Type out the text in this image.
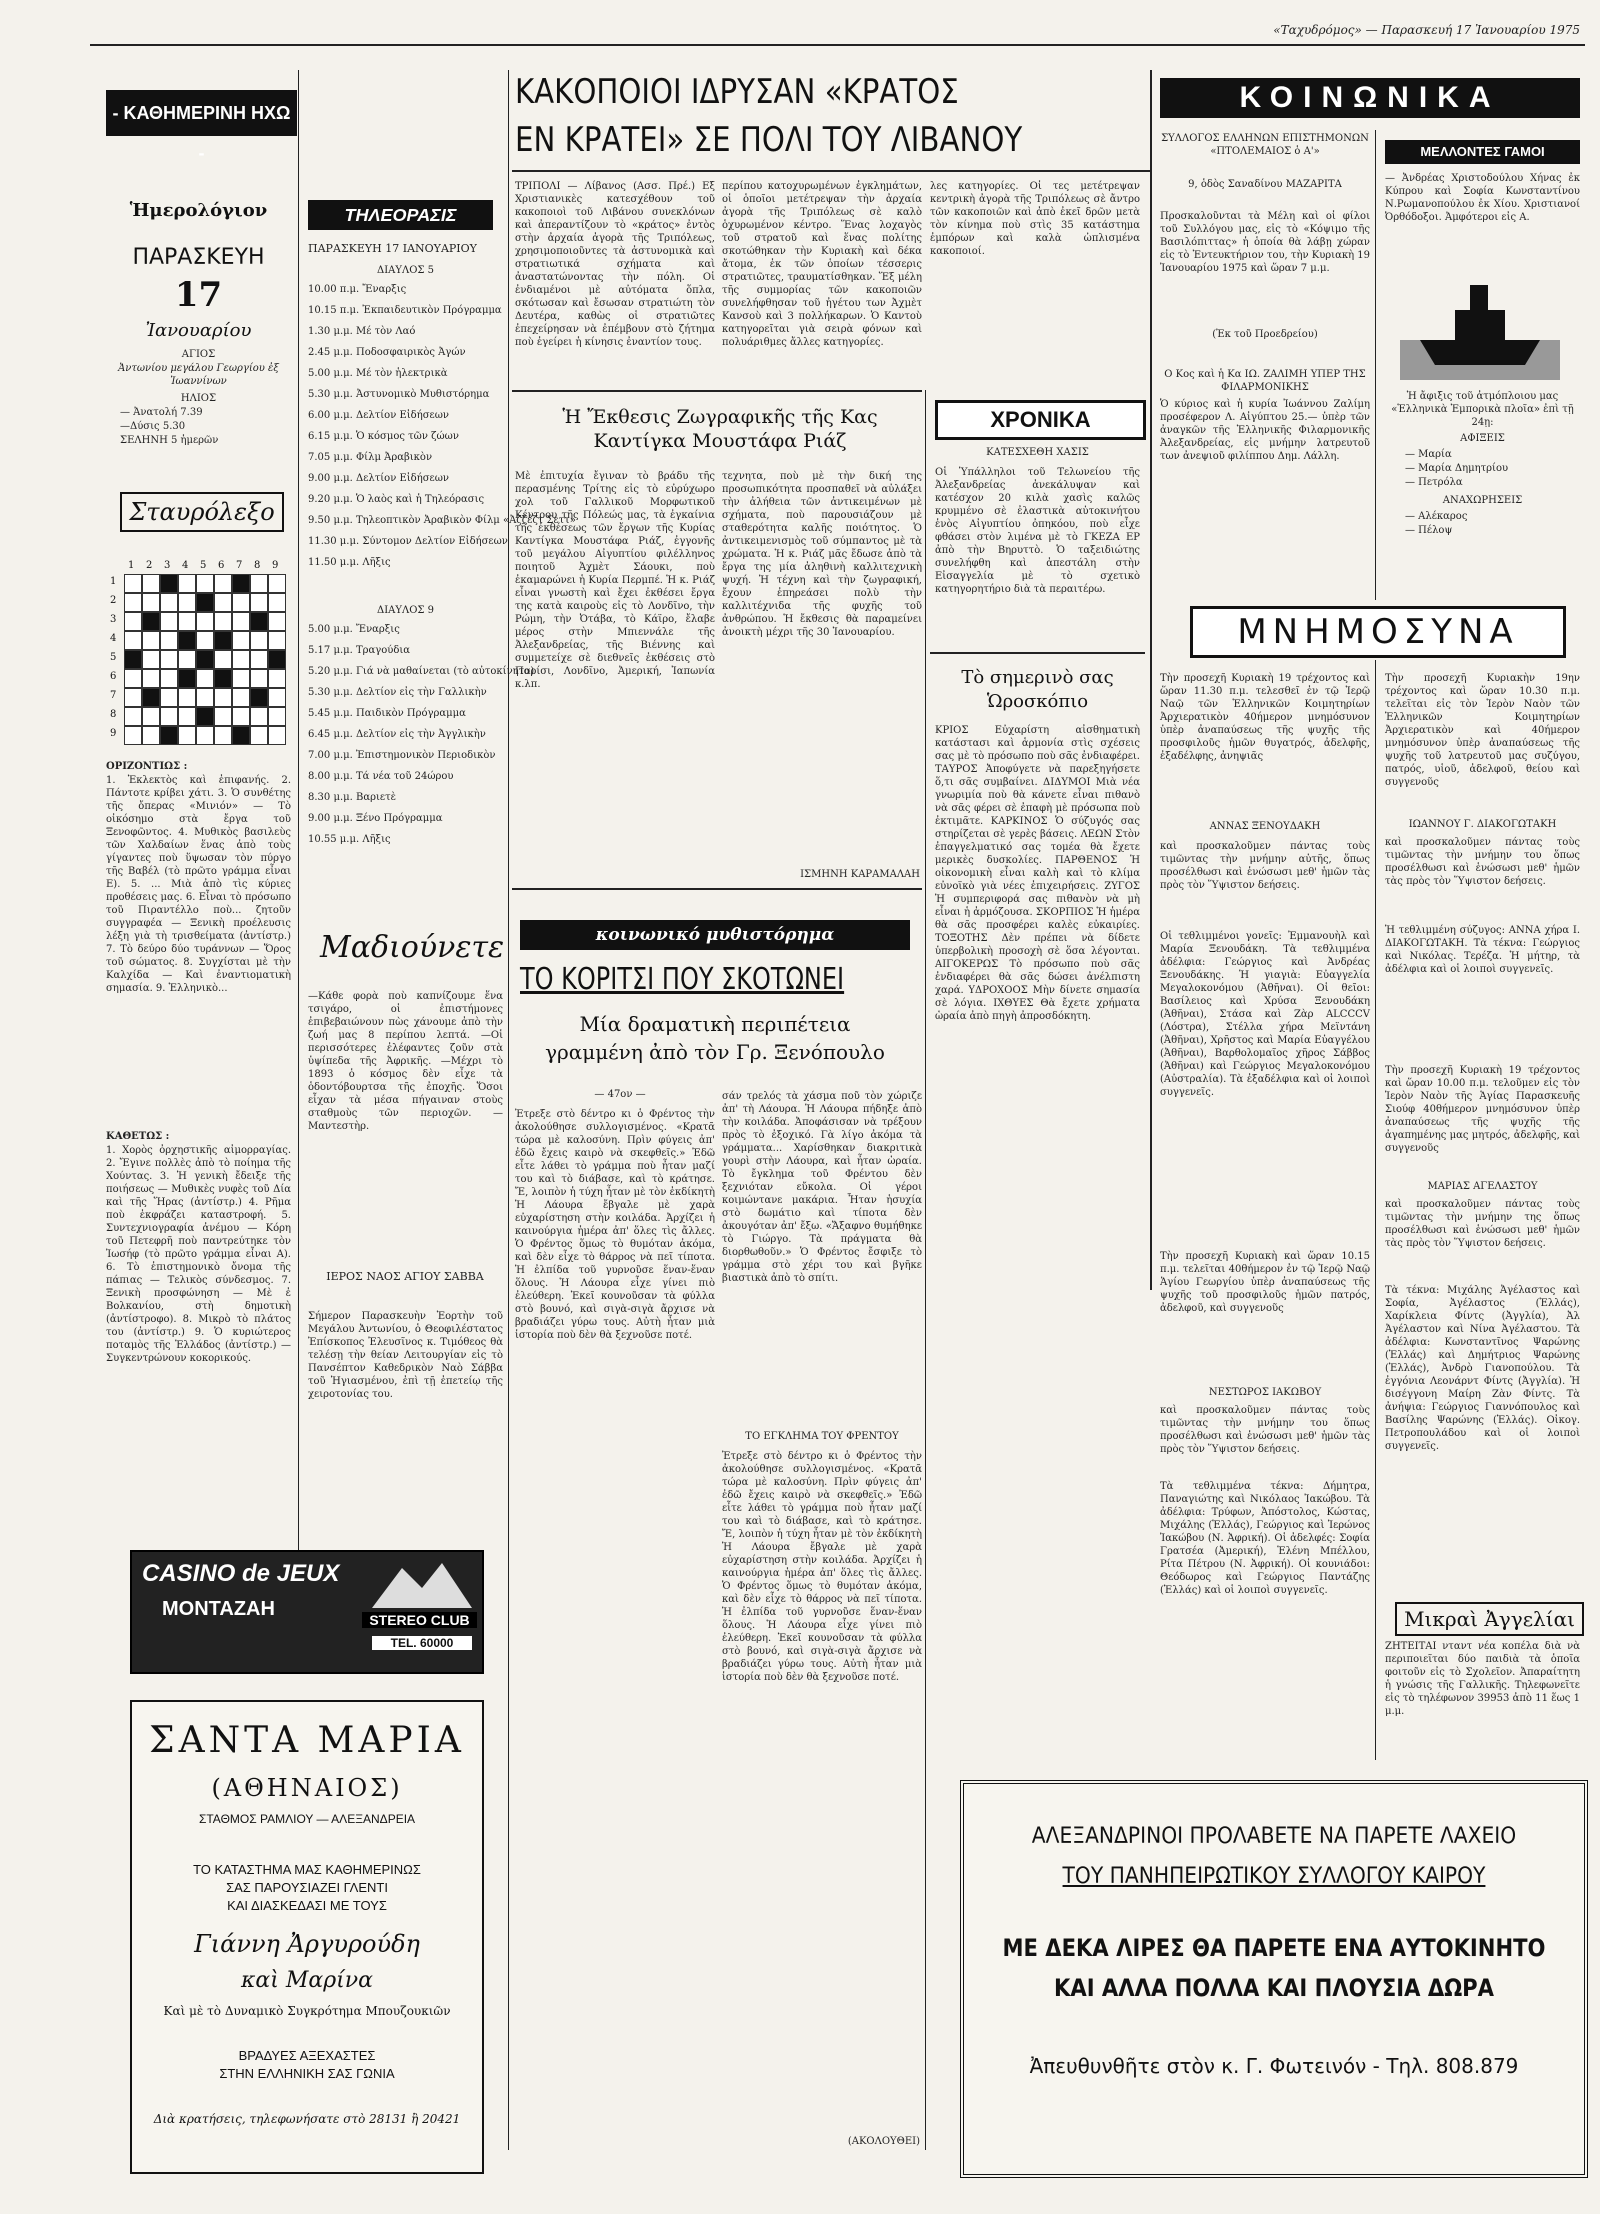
«Ταχυδρόμος» — Παρασκευή 17 Ἰανουαρίου 1975
- ΚΑΘΗΜΕΡΙΝΗ ΗΧΩ -
Ἡμερολόγιον
ΠΑΡΑΣΚΕΥΗ
17
Ἰανουαρίου
ΑΓΙΟΣ
Ἀντωνίου μεγάλου Γεωργίου ἐξ Ἰωαννίνων
ΗΛΙΟΣ
— Ἀνατολή 7.39
—Δύσις 5.30
ΣΕΛΗΝΗ 5 ἡμερῶν
Σταυρόλεξο
1
1
2
2
3
3
4
4
5
5
6
6
7
7
8
8
9
9
ΟΡΙΖΟΝΤΙΩΣ :
1. Ἐκλεκτὸς καὶ ἐπιφανής. 2. Πάντοτε κρίβει χάτι. 3. Ὁ συνθέτης τῆς ὄπερας «Μινιόν» — Τὸ οἰκόσημο στὰ ἔργα τοῦ Ξενοφῶντος. 4. Μυθικὸς βασιλεὺς τῶν Χαλδαίων ἕνας ἀπὸ τοὺς γίγαντες ποὺ ὕψωσαν τὸν πύργο τῆς Βαβέλ (τὸ πρῶτο γράμμα εἶναι Ε). 5. ... Μιὰ ἀπὸ τὶς κύριες προθέσεις μας. 6. Εἶναι τὸ πρόσωπο τοῦ Πιραντέλλο ποὺ... ζητοῦν συγγραφέα — Ξενικὴ προέλευσις λέξη γιὰ τὴ τρισθείματα (ἀντίστρ.) 7. Τὸ δεύρο δύο τυράννων — Ὅρος τοῦ σώματος. 8. Συγχίσται μὲ τὴν Καλχίδα — Καὶ ἐναντιοματικὴ σημασία. 9. Ἑλληνικὸ...
ΚΑΘΕΤΩΣ :
1. Χορὸς ὀρχηστικῆς αἰμορραγίας. 2. Ἔγινε πολλὲς ἀπὸ τὸ ποίημα τῆς Χούντας. 3. Ἡ γενικὴ ἔδειξε τῆς ποιήσεως — Μυθικὲς νυφὲς τοῦ Δία καὶ τῆς Ἥρας (ἀντίστρ.) 4. Ρῆμα ποὺ ἐκφράζει καταστροφή. 5. Συντεχνιογραφία ἀνέμου — Κόρη τοῦ Πετεφρῆ ποὺ παντρεύτηκε τὸν Ἰωσήφ (τὸ πρῶτο γράμμα εἶναι Α). 6. Τὸ ἐπιστημονικὸ ὄνομα τῆς πάπιας — Τελικὸς σύνδεσμος. 7. Ξενικὴ προσφώνηση — Μὲ ἐ Βολκανίου, στὴ δημοτικὴ (ἀντίστροφο). 8. Μικρὸ τὸ πλάτος του (ἀντίστρ.) 9. Ὁ κυριώτερος ποταμὸς τῆς Ἑλλάδος (ἀντίστρ.) — Συγκεντρώνουν κοκορικούς.
CASINO de JEUX
ΜΟΝΤΑΖΑΗ	STEREO CLUB
TEL. 60000
ΣΑΝΤΑ ΜΑΡΙΑ
(ΑΘΗΝΑΙΟΣ)
ΣΤΑΘΜΟΣ ΡΑΜΛΙΟΥ — ΑΛΕΞΑΝΔΡΕΙΑ
ΤΟ ΚΑΤΑΣΤΗΜΑ ΜΑΣ ΚΑΘΗΜΕΡΙΝΩΣ
ΣΑΣ ΠΑΡΟΥΣΙΑΖΕΙ ΓΛΕΝΤΙ
ΚΑΙ ΔΙΑΣΚΕΔΑΣΙ ΜΕ ΤΟΥΣ
Γιάννη Ἀργυρούδη
καὶ Μαρίνα
Καὶ μὲ τὸ Δυναμικὸ Συγκρότημα Μπουζουκιῶν
ΒΡΑΔΥΕΣ ΑΞΕΧΑΣΤΕΣ
ΣΤΗΝ ΕΛΛΗΝΙΚΗ ΣΑΣ ΓΩΝΙΑ
Διὰ κρατήσεις, τηλεφωνήσατε στὸ 28131 ἢ 20421
ΤΗΛΕΟΡΑΣΙΣ
ΠΑΡΑΣΚΕΥΗ 17 ΙΑΝΟΥΑΡΙΟΥ
ΔΙΑΥΛΟΣ 5
10.00 π.μ. Ἔναρξις
10.15 π.μ. Ἐκπαιδευτικὸν Πρόγραμμα
1.30 μ.μ. Μέ τὸν Λαό
2.45 μ.μ. Ποδοσφαιρικὸς Ἀγών
5.00 μ.μ. Μέ τὸν ἡλεκτρικὰ
5.30 μ.μ. Ἀστυνομικὸ Μυθιστόρημα
6.00 μ.μ. Δελτίον Εἰδήσεων
6.15 μ.μ. Ὁ κόσμος τῶν ζώων
7.05 μ.μ. Φίλμ Ἀραβικὸν
9.00 μ.μ. Δελτίον Εἰδήσεων
9.20 μ.μ. Ὁ λαὸς καὶ ἡ Τηλεόρασις
9.50 μ.μ. Τηλεοπτικὸν Ἀραβικὸν Φίλμ «Ἀζζέζτ Σεττ»
11.30 μ.μ. Σύντομον Δελτίον Εἰδήσεων
11.50 μ.μ. Λῆξις
ΔΙΑΥΛΟΣ 9
5.00 μ.μ. Ἔναρξις
5.17 μ.μ. Τραγούδια
5.20 μ.μ. Γιά νὰ μαθαίνεται (τὸ αὐτοκίνητο)
5.30 μ.μ. Δελτίον εἰς τὴν Γαλλικὴν
5.45 μ.μ. Παιδικὸν Πρόγραμμα
6.45 μ.μ. Δελτίον εἰς τὴν Ἀγγλικὴν
7.00 μ.μ. Ἐπιστημονικὸν Περιοδικὸν
8.00 μ.μ. Τά νέα τοῦ 24ώρου
8.30 μ.μ. Βαριετὲ
9.00 μ.μ. Ξένο Πρόγραμμα
10.55 μ.μ. Λῆξις
Μαδιούνετε
—Κάθε φορὰ ποὺ καπνίζουμε ἕνα τσιγάρο, οἱ ἐπιστήμονες ἐπιβεβαιώνουν πὼς χάνουμε ἀπὸ τὴν ζωή μας 8 περίπου λεπτά. —Οἱ περισσότερες ἐλέφαντες ζοῦν στὰ ὑψίπεδα τῆς Ἀφρικῆς. —Μέχρι τὸ 1893 ὁ κόσμος δὲν εἶχε τὰ ὁδοντόβουρτσα τῆς ἐποχῆς. Ὅσοι εἶχαν τὰ μέσα πήγαιναν στοὺς σταθμοὺς τῶν περιοχῶν. —Μαντεστὴρ.
ΙΕΡΟΣ ΝΑΟΣ ΑΓΙΟΥ ΣΑΒΒΑ
Σήμερον Παρασκευὴν Ἑορτὴν τοῦ Μεγάλου Ἀντωνίου, ὁ Θεοφιλέστατος Ἐπίσκοπος Ἐλευσῖνος κ. Τιμόθεος θὰ τελέσῃ τὴν θείαν Λειτουργίαν εἰς τὸ Πανσέπτον Καθεδρικὸν Ναὸ Σάββα τοῦ Ἡγιασμένου, ἐπὶ τῇ ἐπετείῳ τῆς χειροτονίας του.
ΚΑΚΟΠΟΙΟΙ ΙΔΡΥΣΑΝ «ΚΡΑΤΟΣ
ΕΝ ΚΡΑΤΕΙ» ΣΕ ΠΟΛΙ ΤΟΥ ΛΙΒΑΝΟΥ
ΤΡΙΠΟΛΙ — Λίβανος (Ασσ. Πρέ.) Εξ Χριστιανικὲς κατεσχέθουν τοῦ κακοποιοὶ τοῦ Λιβάνου συνεκλόνων καὶ ἀπεραντίζουν τὸ «κράτος» ἐντὸς στὴν ἀρχαία ἀγορὰ τῆς Τριπόλεως, χρησιμοποιοῦντες τὰ ἀστυνομικὰ καὶ στρατιωτικά σχήματα καὶ ἀναστατώνοντας τὴν πόλη. Οἱ ἐνδιαμένοι μὲ αὐτόματα ὅπλα, σκότωσαν καὶ ἔσωσαν στρατιώτη τὸν Δευτέρα, καθὼς οἱ στρατιῶτες ἐπεχείρησαν νὰ ἐπέμβουν στὸ ζήτημα ποὺ ἐγείρει ἡ κίνησις ἐναντίον τους.
περίπου κατοχυρωμένων ἐγκλημάτων, οἱ ὁποῖοι μετέτρεψαν τὴν ἀρχαία ἀγορὰ τῆς Τριπόλεως σὲ καλὸ ὁχυρωμένον κέντρο. Ἕνας λοχαγὸς τοῦ στρατοῦ καὶ ἕνας πολίτης σκοτώθηκαν τὴν Κυριακὴ καὶ δέκα ἄτομα, ἐκ τῶν ὁποίων τέσσερις στρατιῶτες, τραυματίσθηκαν. Ἕξ μέλη τῆς συμμορίας τῶν κακοποιῶν συνελήφθησαν τοῦ ἠγέτου των Ἀχμὲτ Κανσοὺ καὶ 3 πολλήκαρων. Ὁ Καντοὺ κατηγορεῖται γιὰ σειρὰ φόνων καὶ πολυάριθμες ἄλλες κατηγορίες.
λες κατηγορίες. Οἱ τες μετέτρεψαν κεντρικὴ ἀγορὰ τῆς Τριπόλεως σὲ ἄντρο τῶν κακοποιῶν καὶ ἀπὸ ἐκεῖ δρῶν μετὰ τὸν κίνημα ποὺ στὶς 35 κατάστημα ἐμπόρων καὶ καλὰ ὠπλισμένα κακοποιοί.
Ἡ Ἔκθεσις Ζωγραφικῆς τῆς Κας Καντίγκα Μουστάφα Ριάζ
Μὲ ἐπιτυχία ἔγιναν τὸ βράδυ τῆς περασμένης Τρίτης εἰς τὸ εὐρύχωρο χολ τοῦ Γαλλικοῦ Μορφωτικοῦ Κέντρου τῆς Πόλεώς μας, τὰ ἐγκαίνια τῆς ἐκθέσεως τῶν ἔργων τῆς Κυρίας Καντίγκα Μουστάφα Ριάζ, ἐγγονῆς τοῦ μεγάλου Αἰγυπτίου φιλέλληνος ποιητοῦ Ἀχμὲτ Σάουκι, ποὺ ἐκαμαρώνει ἡ Κυρία Περμπέ. Ἡ κ. Ριάζ εἶναι γνωστὴ καὶ ἔχει ἐκθέσει ἔργα της κατὰ καιροὺς εἰς τὸ Λονδῖνο, τὴν Ρώμη, τὴν Ὀτάβα, τὸ Κάϊρο, ἔλαβε μέρος στὴν Μπιεννάλε τῆς Ἀλεξανδρείας, τῆς Βιέννης καὶ συμμετείχε σὲ διεθνεῖς ἐκθέσεις στὸ Παρίσι, Λονδῖνο, Ἀμερική, Ἰαπωνία κ.λπ.
τεχνητα, ποὺ μὲ τὴν δική της προσωπικότητα προσπαθεῖ νὰ αὐλάξει τὴν ἀλήθεια τῶν ἀντικειμένων μὲ σχήματα, ποὺ παρουσιάζουν μὲ σταθερότητα καλῆς ποιότητος. Ὁ ἀντικειμενισμὸς τοῦ σύμπαντος μὲ τὰ χρώματα. Ἡ κ. Ριάζ μᾶς ἔδωσε ἀπὸ τὰ ἔργα της μία ἀληθινὴ καλλιτεχνικὴ ψυχή. Ἡ τέχνη καὶ τὴν ζωγραφική, ἔχουν ἐπηρεάσει πολὺ τὴν καλλιτέχνιδα τῆς φυχῆς τοῦ ἀνθρώπου. Ἡ ἔκθεσις θὰ παραμείνει ἀνοικτὴ μέχρι τῆς 30 Ἰανουαρίου.
ΙΣΜΗΝΗ ΚΑΡΑΜΑΛΑΗ
κοινωνικό μυθιστόρημα
ΤΟ ΚΟΡΙΤΣΙ ΠΟΥ ΣΚΟΤΩΝΕΙ
Μία δραματικὴ περιπέτεια
γραμμένη ἀπὸ τὸν Γρ. Ξενόπουλο
— 47ον —
Ἐτρεξε στὸ δέντρο κι ὁ Φρέντος τὴν ἀκολούθησε συλλογισμένος. «Κρατᾶ τώρα μὲ καλοσύνη. Πρὶν φύγεις ἀπ' ἐδῶ ἔχεις καιρὸ νὰ σκεφθεῖς.» Ἐδῶ εἶτε λάθει τὸ γράμμα ποὺ ἦταν μαζί του καὶ τὸ διάβασε, καὶ τὸ κράτησε. Ἔ, λοιπὸν ἡ τύχη ἦταν μὲ τὸν ἐκδίκητὴ Ἡ Λάουρα ἔβγαλε μὲ χαρὰ εὐχαρίστηση στὴν κοιλάδα. Ἀρχίζει ἡ καινούργια ἡμέρα ἀπ' ὅλες τὶς ἄλλες. Ὁ Φρέντος ὅμως τὸ θυμόταν ἀκόμα, καὶ δὲν εἶχε τὸ θάρρος νὰ πεῖ τίποτα. Ἡ ἐλπίδα τοῦ γυρνοῦσε ἕναν-ἕναν ὅλους. Ἡ Λάουρα εἶχε γίνει πιὸ ἐλεύθερη. Ἐκεῖ κουνοῦσαν τὰ φύλλα στὸ βουνό, καὶ σιγὰ-σιγὰ ἄρχισε νὰ βραδιάζει γύρω τους. Αὐτὴ ἦταν μιὰ ἱστορία ποὺ δὲν θὰ ξεχνοῦσε ποτέ.
σάν τρελός τὰ χάσμα ποῦ τὸν χώριζε ἀπ' τὴ Λάουρα. Ἡ Λάουρα πήδηξε ἀπὸ τὴν κοιλάδα. Ἀποφάσισαν νὰ τρέξουν πρὸς τὸ ἐξοχικό. Γὰ λίγο ἀκόμα τὰ γράμματα... Χαρίσθηκαν διακριτικὰ γουρὶ στὴν Λάουρα, καὶ ἦταν ὡραία. Τὸ ἔγκλημα τοῦ Φρέντου δὲν ξεχνιόταν εὔκολα. Οἱ γέροι κοιμώντανε μακάρια. Ἦταν ἡσυχία στὸ δωμάτιο καὶ τίποτα δὲν ἀκουγόταν ἀπ' ἔξω. «Ἄξαφνο θυμήθηκε τὸ Γιώργο. Τὰ πράγματα θὰ διορθωθοῦν.» Ὁ Φρέντος ἔσφιξε τὸ γράμμα στὸ χέρι του καὶ βγῆκε βιαστικὰ ἀπὸ τὸ σπίτι.
ΤΟ ΕΓΚΛΗΜΑ ΤΟΥ ΦΡΕΝΤΟΥ
Ἐτρεξε στὸ δέντρο κι ὁ Φρέντος τὴν ἀκολούθησε συλλογισμένος. «Κρατᾶ τώρα μὲ καλοσύνη. Πρὶν φύγεις ἀπ' ἐδῶ ἔχεις καιρὸ νὰ σκεφθεῖς.» Ἐδῶ εἶτε λάθει τὸ γράμμα ποὺ ἦταν μαζί του καὶ τὸ διάβασε, καὶ τὸ κράτησε. Ἔ, λοιπὸν ἡ τύχη ἦταν μὲ τὸν ἐκδίκητὴ Ἡ Λάουρα ἔβγαλε μὲ χαρὰ εὐχαρίστηση στὴν κοιλάδα. Ἀρχίζει ἡ καινούργια ἡμέρα ἀπ' ὅλες τὶς ἄλλες. Ὁ Φρέντος ὅμως τὸ θυμόταν ἀκόμα, καὶ δὲν εἶχε τὸ θάρρος νὰ πεῖ τίποτα. Ἡ ἐλπίδα τοῦ γυρνοῦσε ἕναν-ἕναν ὅλους. Ἡ Λάουρα εἶχε γίνει πιὸ ἐλεύθερη. Ἐκεῖ κουνοῦσαν τὰ φύλλα στὸ βουνό, καὶ σιγὰ-σιγὰ ἄρχισε νὰ βραδιάζει γύρω τους. Αὐτὴ ἦταν μιὰ ἱστορία ποὺ δὲν θὰ ξεχνοῦσε ποτέ.
(ΑΚΟΛΟΥΘΕΙ)
ΧΡΟΝΙΚΑ
ΚΑΤΕΣΧΕΘΗ ΧΑΣΙΣ
Οἱ Ὑπάλληλοι τοῦ Τελωνείου τῆς Ἀλεξανδρείας ἀνεκάλυψαν καὶ κατέσχον 20 κιλὰ χασὶς καλῶς κρυμμένο σὲ ἐλαστικὰ αὐτοκινήτου ἑνὸς Αἰγυπτίου ὀπηκόου, ποὺ εἶχε φθάσει στὸν λιμένα μὲ τὸ ΓΚΕΖΑ ΕΡ ἀπὸ τὴν Βηρυττὸ. Ὁ ταξειδιώτης συνελήφθη καὶ ἀπεστάλη στὴν Εἰσαγγελία μὲ τὸ σχετικὸ κατηγορητήριο διὰ τὰ περαιτέρω.
Τὸ σημερινὸ σας Ὡροσκόπιο
ΚΡΙΟΣ Εὐχαρίστη αἰσθηματικὴ κατάστασι καὶ ἁρμονία στὶς σχέσεις σας μὲ τὸ πρόσωπο ποὺ σᾶς ἐνδιαφέρει. ΤΑΥΡΟΣ Ἀποφύγετε νὰ παρεξηγήσετε ὅ,τι σᾶς συμβαίνει. ΔΙΔΥΜΟΙ Μιὰ νέα γνωριμία ποὺ θὰ κάνετε εἶναι πιθανὸ νὰ σᾶς φέρει σὲ ἐπαφὴ μὲ πρόσωπα ποὺ ἐκτιμᾶτε. ΚΑΡΚΙΝΟΣ Ὁ σύζυγός σας στηρίζεται σὲ γερὲς βάσεις. ΛΕΩΝ Στὸν ἐπαγγελματικό σας τομέα θὰ ἔχετε μερικὲς δυσκολίες. ΠΑΡΘΕΝΟΣ Ἡ οἰκονομικὴ εἶναι καλὴ καὶ τὸ κλίμα εὐνοϊκὸ γιὰ νέες ἐπιχειρήσεις. ΖΥΓΟΣ Ἡ συμπεριφορά σας πιθανὸν νὰ μὴ εἶναι ἡ ἀρμόζουσα. ΣΚΟΡΠΙΟΣ Ἡ ἡμέρα θὰ σᾶς προσφέρει καλὲς εὐκαιρίες. ΤΟΞΟΤΗΣ Δὲν πρέπει νὰ δίδετε ὑπερβολικὴ προσοχὴ σὲ ὅσα λέγονται. ΑΙΓΟΚΕΡΩΣ Τὸ πρόσωπο ποὺ σᾶς ἐνδιαφέρει θὰ σᾶς δώσει ἀνέλπιστη χαρά. ΥΔΡΟΧΟΟΣ Μὴν δίνετε σημασία σὲ λόγια. ΙΧΘΥΕΣ Θὰ ἔχετε χρήματα ὡραία ἀπὸ πηγὴ ἀπροσδόκητη.
ΚΟΙΝΩΝΙΚΑ
ΣΥΛΛΟΓΟΣ ΕΛΛΗΝΩΝ ΕΠΙΣΤΗΜΟΝΩΝ «ΠΤΟΛΕΜΑΙΟΣ ὁ Α'»
9, ὁδὸς Σαναδίνου ΜΑΖΑΡΙΤΑ
Προσκαλοῦνται τὰ Μέλη καὶ οἱ φίλοι τοῦ Συλλόγου μας, εἰς τὸ «Κόψιμο τῆς Βασιλόπιττας» ἡ ὁποία θὰ λάβῃ χώραν εἰς τὸ Ἐντευκτήριον του, τὴν Κυριακὴ 19 Ἰανουαρίου 1975 καὶ ὥραν 7 μ.μ.
(Ἐκ τοῦ Προεδρείου)
Ο Κος καὶ ἡ Κα ΙΩ. ΖΑΛΙΜΗ ΥΠΕΡ ΤΗΣ ΦΙΛΑΡΜΟΝΙΚΗΣ
Ὁ κύριος καὶ ἡ κυρία Ἰωάννου Ζαλίμη προσέφερον Λ. Αἰγύπτου 25.— ὑπὲρ τῶν ἀναγκῶν τῆς Ἑλληνικῆς Φιλαρμονικῆς Ἀλεξανδρείας, εἰς μνήμην λατρευτοῦ των ἀνεψιοῦ φιλίππου Δημ. Λάλλη.
ΜΕΛΛΟΝΤΕΣ ΓΑΜΟΙ
— Ἀνδρέας Χριστοδούλου Χήνας ἐκ Κύπρου καὶ Σοφία Κωνσταντίνου Ν.Ρωμανοπούλου ἐκ Χίου. Χριστιανοί Ὀρθόδοξοι. Ἀμφότεροι εἰς Α.
Ἡ ἄφιξις τοῦ ἀτμόπλοιου μας «Ἑλληνικὰ Ἐμπορικὰ πλοῖα» ἐπὶ τῇ 24ῃ:
ΑΦΙΞΕΙΣ
— Μαρία
— Μαρία Δημητρίου
— Πετρόλα
ΑΝΑΧΩΡΗΣΕΙΣ
— Αλέκαρος
— Πέλοψ
ΜΝΗΜΟΣΥΝΑ
Τὴν προσεχῆ Κυριακὴ 19 τρέχοντος καὶ ὥραν 11.30 π.μ. τελεσθεῖ ἐν τῷ Ἱερῷ Ναῷ τῶν Ἑλληνικῶν Κοιμητηρίων Ἀρχιερατικὸν 40ήμερον μνημόσυνον ὑπὲρ ἀναπαύσεως τῆς ψυχῆς τῆς προσφιλοῦς ἡμῶν θυγατρός, ἀδελφῆς, ἐξαδέλφης, ἀνηψιᾶς
ΑΝΝΑΣ ΞΕΝΟΥΔΑΚΗ
καὶ προσκαλοῦμεν πάντας τοὺς τιμῶντας τὴν μνήμην αὐτῆς, ὅπως προσέλθωσι καὶ ἑνώσωσι μεθ' ἡμῶν τὰς πρὸς τὸν Ὕψιστον δεήσεις.
Οἱ τεθλιμμένοι γονεῖς: Ἐμμανουὴλ καὶ Μαρία Ξενουδάκη. Τὰ τεθλιμμένα ἀδέλφια: Γεώργιος καὶ Ἀνδρέας Ξενουδάκης. Ἡ γιαγιὰ: Εὐαγγελία Μεγαλοκονόμου (Ἀθῆναι). Οἱ θεῖοι: Βασίλειος καὶ Χρύσα Ξενουδάκη (Ἀθῆναι), Στάσα καὶ Ζὰρ ALCCCV (Λόστρα), Στέλλα χήρα Μεϊντάνη (Ἀθῆναι), Χρῆστος καὶ Μαρία Εὐαγγέλου (Ἀθῆναι), Βαρθολομαῖος χῆρος Σάββος (Ἀθῆναι) καὶ Γεώργιος Μεγαλοκονόμου (Αὐστραλία). Τὰ ἐξαδέλφια καὶ οἱ λοιποὶ συγγενεῖς.
Τὴν προσεχῆ Κυριακὴ καὶ ὥραν 10.15 π.μ. τελεῖται 40θήμερον ἐν τῷ Ἱερῷ Ναῷ Ἁγίου Γεωργίου ὑπὲρ ἀναπαύσεως τῆς ψυχῆς τοῦ προσφιλοῦς ἡμῶν πατρός, ἀδελφοῦ, καὶ συγγενοῦς
ΝΕΣΤΩΡΟΣ ΙΑΚΩΒΟΥ
καὶ προσκαλοῦμεν πάντας τοὺς τιμῶντας τὴν μνήμην του ὅπως προσέλθωσι καὶ ἑνώσωσι μεθ' ἡμῶν τὰς πρὸς τὸν Ὕψιστον δεήσεις.
Τὰ τεθλιμμένα τέκνα: Δήμητρα, Παναγιώτης καὶ Νικόλαος Ἰακώβου. Τὰ ἀδέλφια: Τρύφων, Ἀπόστολος, Κώστας, Μιχάλης (Ἑλλάς), Γεώργιος καὶ Ἰερώνος Ἰακώβου (Ν. Ἀφρική). Οἱ ἀδελφές: Σοφία Γρατσέα (Ἀμερική), Ἑλένη Μπέλλου, Ρίτα Πέτρου (Ν. Ἀφρική). Οἱ κουνιάδοι: Θεόδωρος καὶ Γεώργιος Παντάζης (Ἑλλάς) καὶ οἱ λοιποὶ συγγενεῖς.
Τὴν προσεχῆ Κυριακὴν 19ην τρέχοντος καὶ ὥραν 10.30 π.μ. τελεῖται εἰς τὸν Ἱερὸν Ναὸν τῶν Ἑλληνικῶν Κοιμητηρίων Ἀρχιερατικὸν καὶ 40ήμερον μνημόσυνον ὑπὲρ ἀναπαύσεως τῆς ψυχῆς τοῦ λατρευτοῦ μας συζύγου, πατρός, υἱοῦ, ἀδελφοῦ, θείου καὶ συγγενοῦς
ΙΩΑΝΝΟΥ Γ. ΔΙΑΚΟΓΩΤΑΚΗ
καὶ προσκαλοῦμεν πάντας τοὺς τιμῶντας τὴν μνήμην του ὅπως προσέλθωσι καὶ ἑνώσωσι μεθ' ἡμῶν τὰς πρὸς τὸν Ὕψιστον δεήσεις.
Ἡ τεθλιμμένη σύζυγος: ΑΝΝΑ χήρα Ι. ΔΙΑΚΟΓΩΤΑΚΗ. Τὰ τέκνα: Γεώργιος καὶ Νικόλας. Τερέζα. Ἡ μήτηρ, τὰ ἀδέλφια καὶ οἱ λοιποὶ συγγενεῖς.
Τὴν προσεχῆ Κυριακὴ 19 τρέχοντος καὶ ὥραν 10.00 π.μ. τελοῦμεν εἰς τὸν Ἱερὸν Ναὸν τῆς Ἁγίας Παρασκευῆς Σιούφ 40θήμερον μνημόσυνον ὑπὲρ ἀναπαύσεως τῆς ψυχῆς τῆς ἀγαπημένης μας μητρός, ἀδελφῆς, καὶ συγγενοῦς
ΜΑΡΙΑΣ ΑΓΕΛΑΣΤΟΥ
καὶ προσκαλοῦμεν πάντας τοὺς τιμῶντας τὴν μνήμην της ὅπως προσέλθωσι καὶ ἑνώσωσι μεθ' ἡμῶν τὰς πρὸς τὸν Ὕψιστον δεήσεις.
Τὰ τέκνα: Μιχάλης Ἀγέλαστος καὶ Σοφία, Ἀγέλαστος (Ἑλλάς), Χαρίκλεια Φίντς (Ἀγγλία), Ἀλ Ἀγέλαστον καὶ Νίνα Ἀγέλαστου. Τὰ ἀδέλφια: Κωνσταντῖνος Ψαρώνης (Ἑλλάς) καὶ Δημήτριος Ψαρώνης (Ἑλλάς), Ἀνδρὸ Γιανοπούλου. Τὰ ἐγγόνια Λεονάρντ Φίντς (Ἀγγλία). Ἡ δισέγγονη Μαίρη Ζὰν Φίντς. Τὰ ἀνήψια: Γεώργιος Γιαννόπουλος καὶ Βασίλης Ψαρώνης (Ἑλλάς). Οἰκογ. Πετροπουλάδου καὶ οἱ λοιποὶ συγγενεῖς.
Μικραὶ Ἀγγελίαι
ΖΗΤΕΙΤΑΙ νταντ νέα κοπέλα διὰ νὰ περιποιεῖται δύο παιδιὰ τὰ ὁποῖα φοιτοῦν εἰς τὸ Σχολεῖον. Ἀπαραίτητη ἡ γνώσις τῆς Γαλλικῆς. Τηλεφωνεῖτε εἰς τὸ τηλέφωνον 39953 ἀπὸ 11 ἕως 1 μ.μ.
ΑΛΕΞΑΝΔΡΙΝΟΙ ΠΡΟΛΑΒΕΤΕ ΝΑ ΠΑΡΕΤΕ ΛΑΧΕΙΟ
ΤΟΥ ΠΑΝΗΠΕΙΡΩΤΙΚΟΥ ΣΥΛΛΟΓΟΥ ΚΑΙΡΟΥ
ΜΕ ΔΕΚΑ ΛΙΡΕΣ ΘΑ ΠΑΡΕΤΕ ΕΝΑ ΑΥΤΟΚΙΝΗΤΟ
ΚΑΙ ΑΛΛΑ ΠΟΛΛΑ ΚΑΙ ΠΛΟΥΣΙΑ ΔΩΡΑ
Ἀπευθυνθῆτε στὸν κ. Γ. Φωτεινόν - Τηλ. 808.879
